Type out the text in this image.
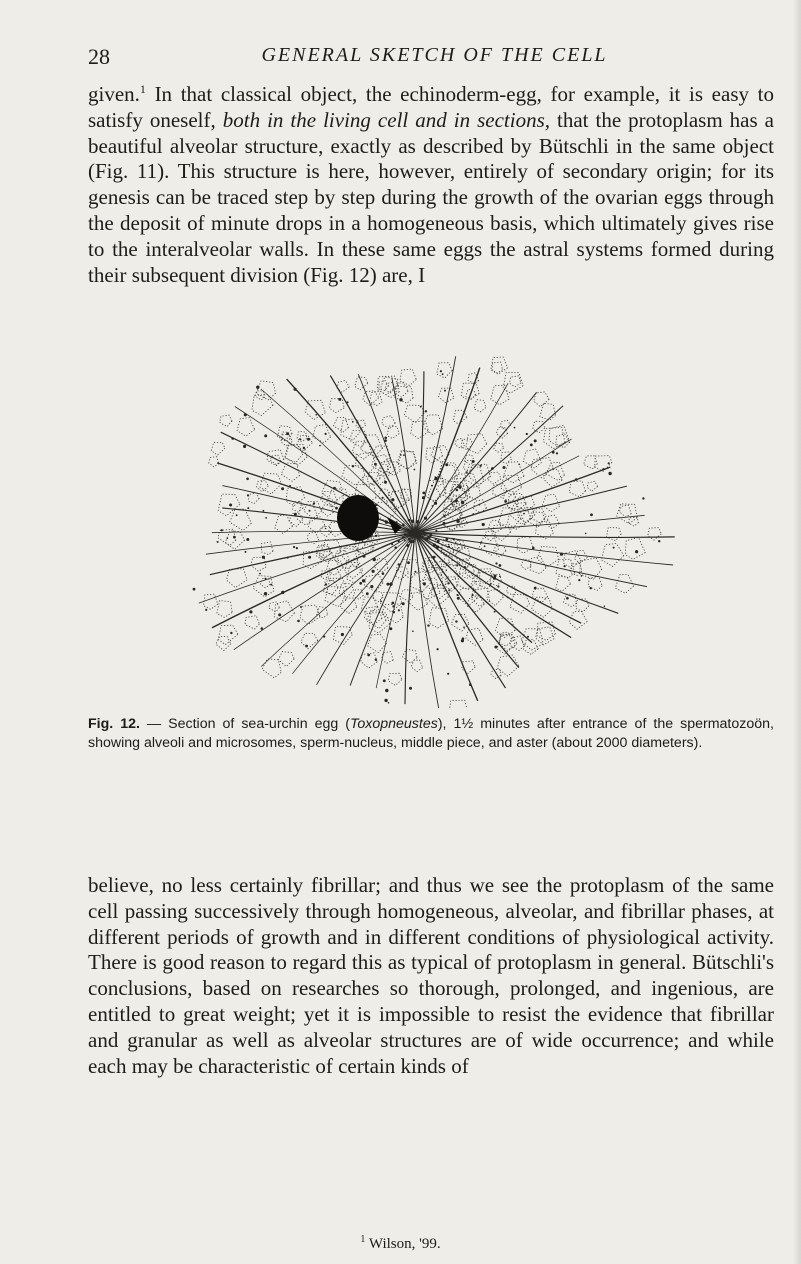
28	GENERAL SKETCH OF THE CELL

given.$^1$ In that classical object, the echinoderm-egg, for example, it is easy to satisfy oneself, both in the living cell and in sections, that the protoplasm has a beautiful alveolar structure, exactly as described by Bütschli in the same object (Fig. 11). This structure is here, however, entirely of secondary origin; for its genesis can be traced step by step during the growth of the ovarian eggs through the deposit of minute drops in a homogeneous basis, which ultimately gives rise to the interalveolar walls. In these same eggs the astral systems formed during their subsequent division (Fig. 12) are, I

Fig. 12. — Section of sea-urchin egg (Toxopneustes), 1½ minutes after entrance of the spermatozoön, showing alveoli and microsomes, sperm-nucleus, middle piece, and aster (about 2000 diameters).

believe, no less certainly fibrillar; and thus we see the protoplasm of the same cell passing successively through homogeneous, alveolar, and fibrillar phases, at different periods of growth and in different conditions of physiological activity. There is good reason to regard this as typical of protoplasm in general. Bütschli's conclusions, based on researches so thorough, prolonged, and ingenious, are entitled to great weight; yet it is impossible to resist the evidence that fibrillar and granular as well as alveolar structures are of wide occurrence; and while each may be characteristic of certain kinds of

$^1$ Wilson, '99.
